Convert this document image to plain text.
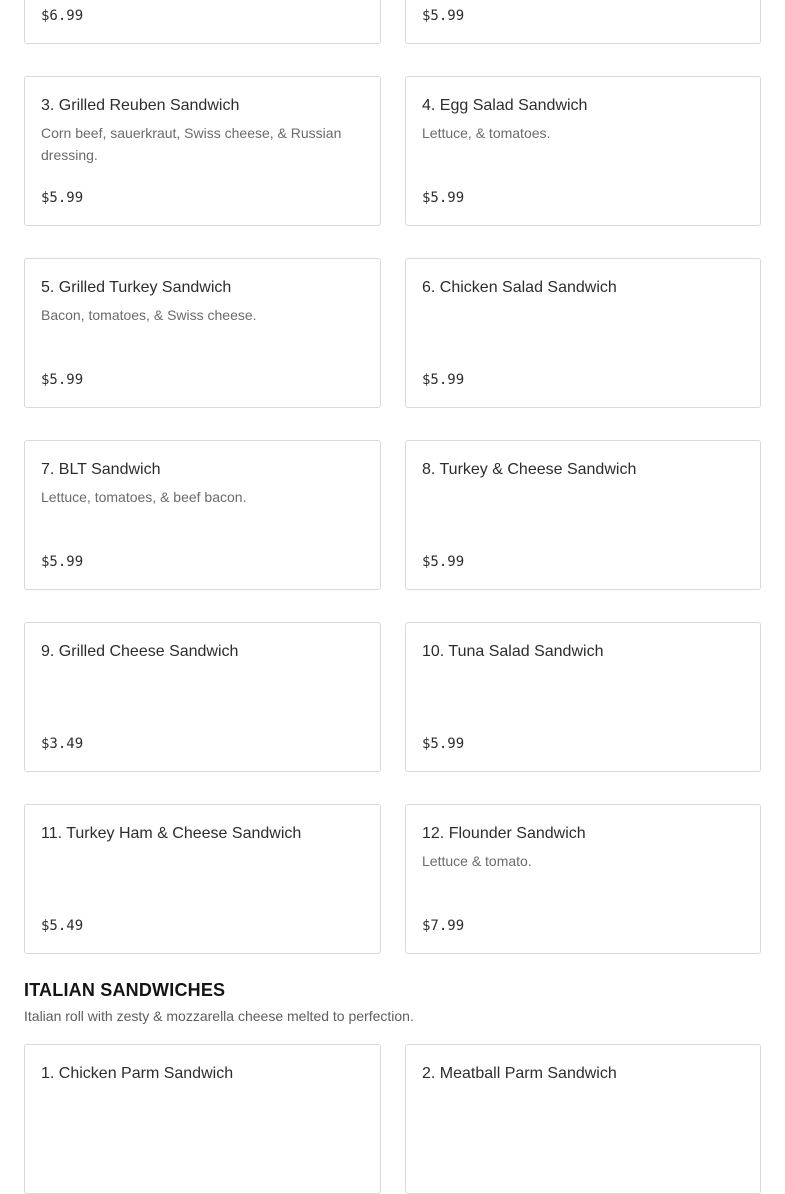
$6.99	$5.99
3. Grilled Reuben Sandwich
Corn beef, sauerkraut, Swiss cheese, & Russian dressing.
$5.99
4. Egg Salad Sandwich
Lettuce, & tomatoes.
$5.99
5. Grilled Turkey Sandwich
Bacon, tomatoes, & Swiss cheese.
$5.99
6. Chicken Salad Sandwich
$5.99
7. BLT Sandwich
Lettuce, tomatoes, & beef bacon.
$5.99
8. Turkey & Cheese Sandwich
$5.99
9. Grilled Cheese Sandwich
$3.49
10. Tuna Salad Sandwich
$5.99
11. Turkey Ham & Cheese Sandwich
$5.49
12. Flounder Sandwich
Lettuce & tomato.
$7.99
ITALIAN SANDWICHES

Italian roll with zesty & mozzarella cheese melted to perfection.

1. Chicken Parm Sandwich	2. Meatball Parm Sandwich
